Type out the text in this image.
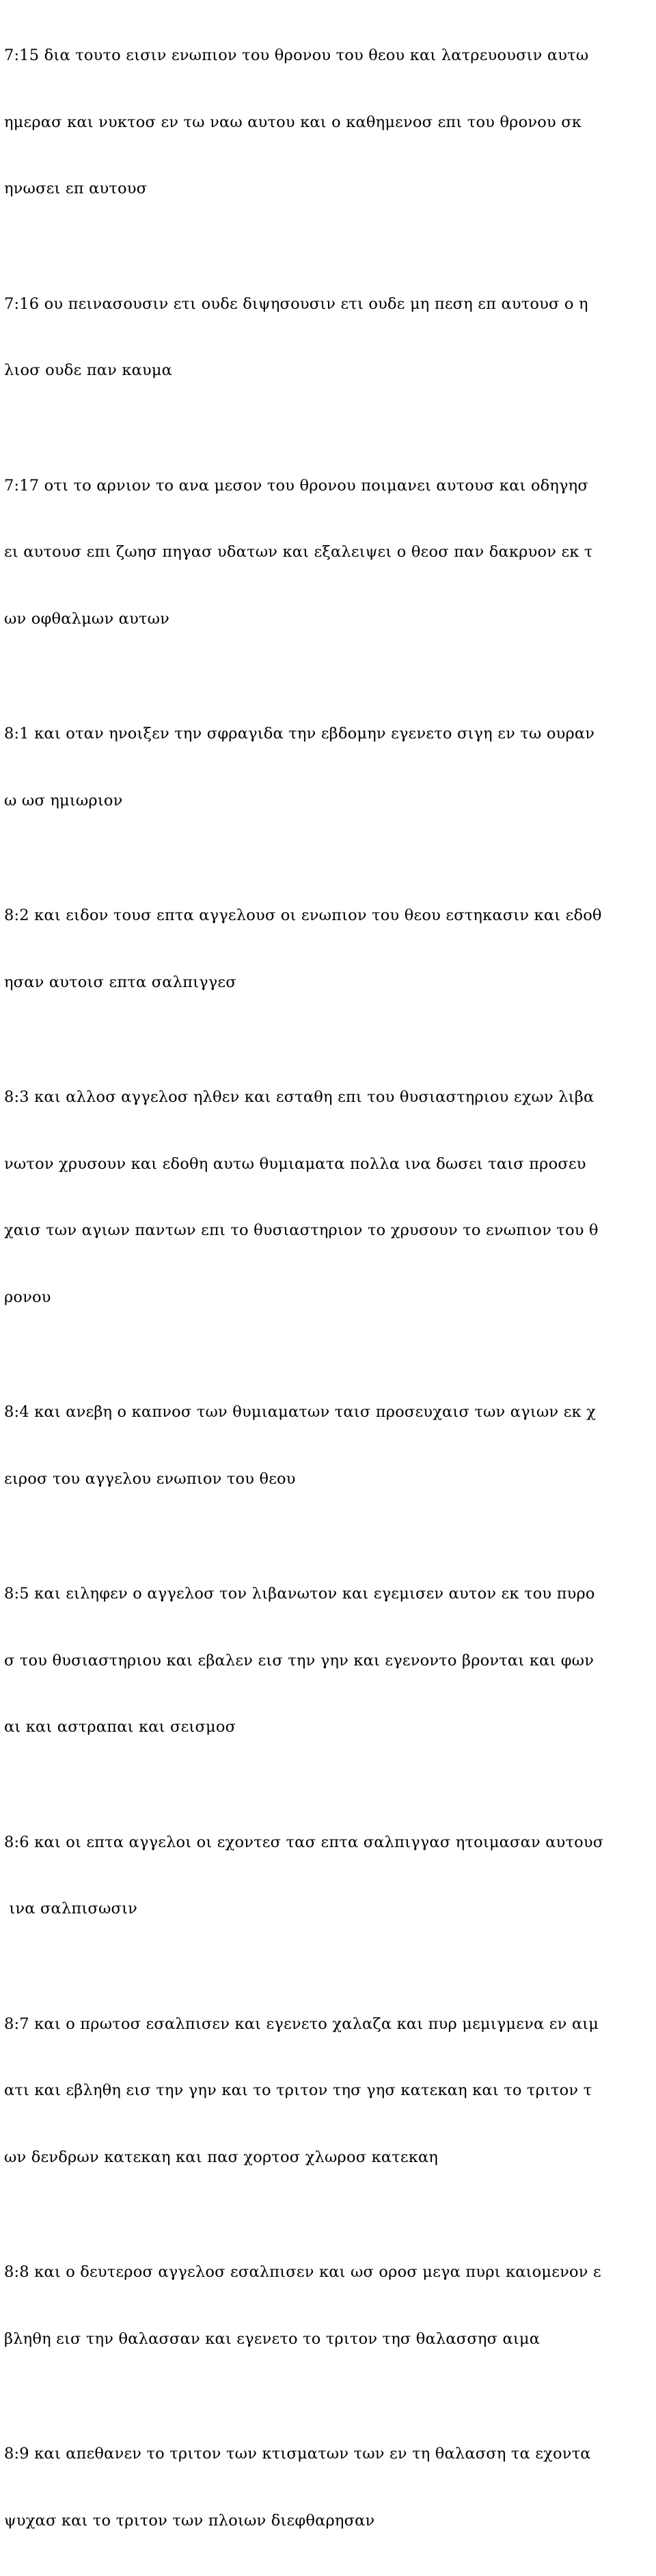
7:15 δια τουτο εισιν ενωπιον του θρονου του θεου και λατρευουσιν αυτω

ημερασ και νυκτοσ εν τω ναω αυτου και ο καθημενοσ επι του θρονου σκ

ηνωσει επ αυτουσ

7:16 ου πεινασουσιν ετι ουδε διψησουσιν ετι ουδε μη πεση επ αυτουσ ο η

λιοσ ουδε παν καυμα

7:17 οτι το αρνιον το ανα μεσον του θρονου ποιμανει αυτουσ και οδηγησ

ει αυτουσ επι ζωησ πηγασ υδατων και εξαλειψει ο θεοσ παν δακρυον εκ τ

ων οφθαλμων αυτων

8:1 και οταν ηνοιξεν την σφραγιδα την εβδομην εγενετο σιγη εν τω ουραν

ω ωσ ημιωριον

8:2 και ειδον τουσ επτα αγγελουσ οι ενωπιον του θεου εστηκασιν και εδοθ

ησαν αυτοισ επτα σαλπιγγεσ

8:3 και αλλοσ αγγελοσ ηλθεν και εσταθη επι του θυσιαστηριου εχων λιβα

νωτον χρυσουν και εδοθη αυτω θυμιαματα πολλα ινα δωσει ταισ προσευ

χαισ των αγιων παντων επι το θυσιαστηριον το χρυσουν το ενωπιον του θ

ρονου

8:4 και ανεβη ο καπνοσ των θυμιαματων ταισ προσευχαισ των αγιων εκ χ

ειροσ του αγγελου ενωπιον του θεου

8:5 και ειληφεν ο αγγελοσ τον λιβανωτον και εγεμισεν αυτον εκ του πυρο

σ του θυσιαστηριου και εβαλεν εισ την γην και εγενοντο βρονται και φων

αι και αστραπαι και σεισμοσ

8:6 και οι επτα αγγελοι οι εχοντεσ τασ επτα σαλπιγγασ ητοιμασαν αυτουσ

ινα σαλπισωσιν

8:7 και ο πρωτοσ εσαλπισεν και εγενετο χαλαζα και πυρ μεμιγμενα εν αιμ

ατι και εβληθη εισ την γην και το τριτον τησ γησ κατεκαη και το τριτον τ

ων δενδρων κατεκαη και πασ χορτοσ χλωροσ κατεκαη

8:8 και ο δευτεροσ αγγελοσ εσαλπισεν και ωσ οροσ μεγα πυρι καιομενον ε

βληθη εισ την θαλασσαν και εγενετο το τριτον τησ θαλασσησ αιμα

8:9 και απεθανεν το τριτον των κτισματων των εν τη θαλασση τα εχοντα

ψυχασ και το τριτον των πλοιων διεφθαρησαν
